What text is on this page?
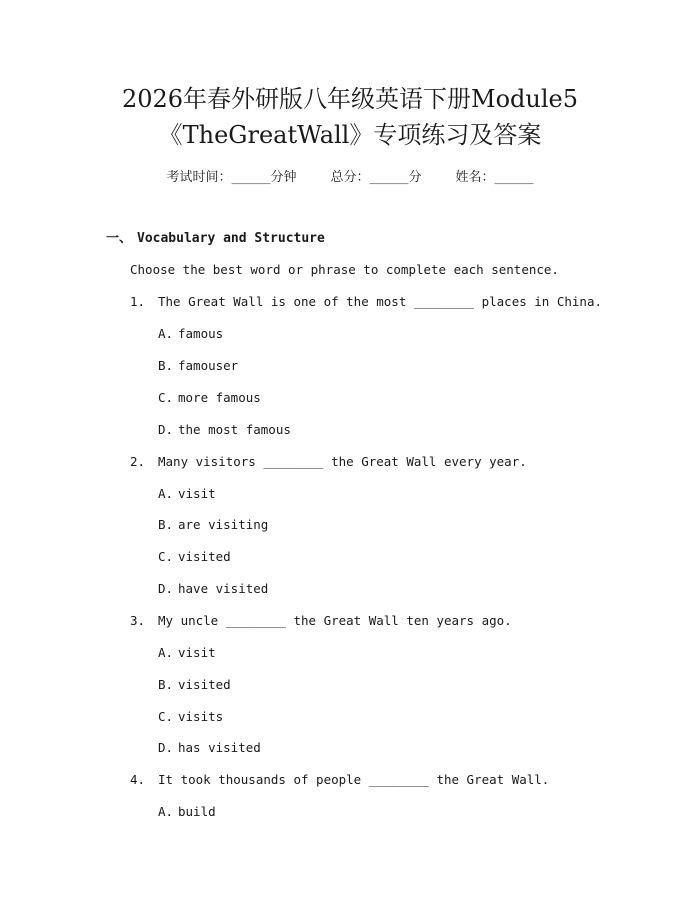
2026年春外研版八年级英语下册Module5
《TheGreatWall》专项练习及答案
考试时间：______分钟	总分：______分	姓名：______
一、 Vocabulary and Structure
Choose the best word or phrase to complete each sentence.
1. The Great Wall is one of the most ________ places in China.
A. famous
B. famouser
C. more famous
D. the most famous
2. Many visitors ________ the Great Wall every year.
A. visit
B. are visiting
C. visited
D. have visited
3. My uncle ________ the Great Wall ten years ago.
A. visit
B. visited
C. visits
D. has visited
4. It took thousands of people ________ the Great Wall.
A. build
